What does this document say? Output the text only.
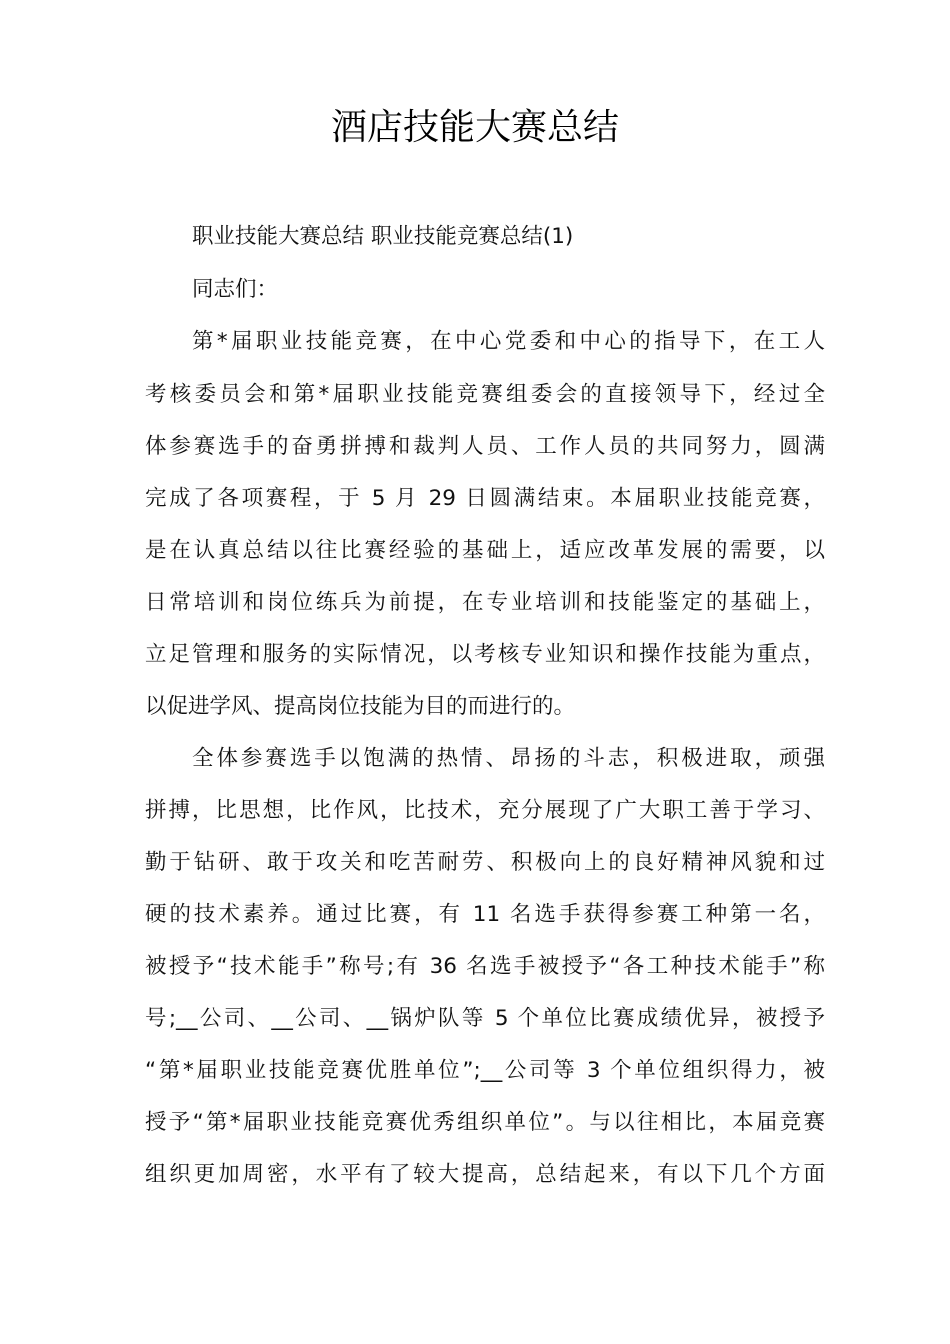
酒店技能大赛总结
职业技能大赛总结 职业技能竞赛总结(1)
同志们：
第*届职业技能竞赛，在中心党委和中心的指导下，在工人
考核委员会和第*届职业技能竞赛组委会的直接领导下，经过全
体参赛选手的奋勇拼搏和裁判人员、工作人员的共同努力，圆满
完成了各项赛程，于 5 月 29 日圆满结束。本届职业技能竞赛，
是在认真总结以往比赛经验的基础上，适应改革发展的需要，以
日常培训和岗位练兵为前提，在专业培训和技能鉴定的基础上，
立足管理和服务的实际情况，以考核专业知识和操作技能为重点，
以促进学风、提高岗位技能为目的而进行的。
全体参赛选手以饱满的热情、昂扬的斗志，积极进取，顽强
拼搏，比思想，比作风，比技术，充分展现了广大职工善于学习、
勤于钻研、敢于攻关和吃苦耐劳、积极向上的良好精神风貌和过
硬的技术素养。通过比赛，有 11 名选手获得参赛工种第一名，
被授予“技术能手”称号;有 36 名选手被授予“各工种技术能手”称
号;__公司、__公司、__锅炉队等 5 个单位比赛成绩优异，被授予
“第*届职业技能竞赛优胜单位”;__公司等 3 个单位组织得力，被
授予“第*届职业技能竞赛优秀组织单位”。与以往相比，本届竞赛
组织更加周密，水平有了较大提高，总结起来，有以下几个方面
